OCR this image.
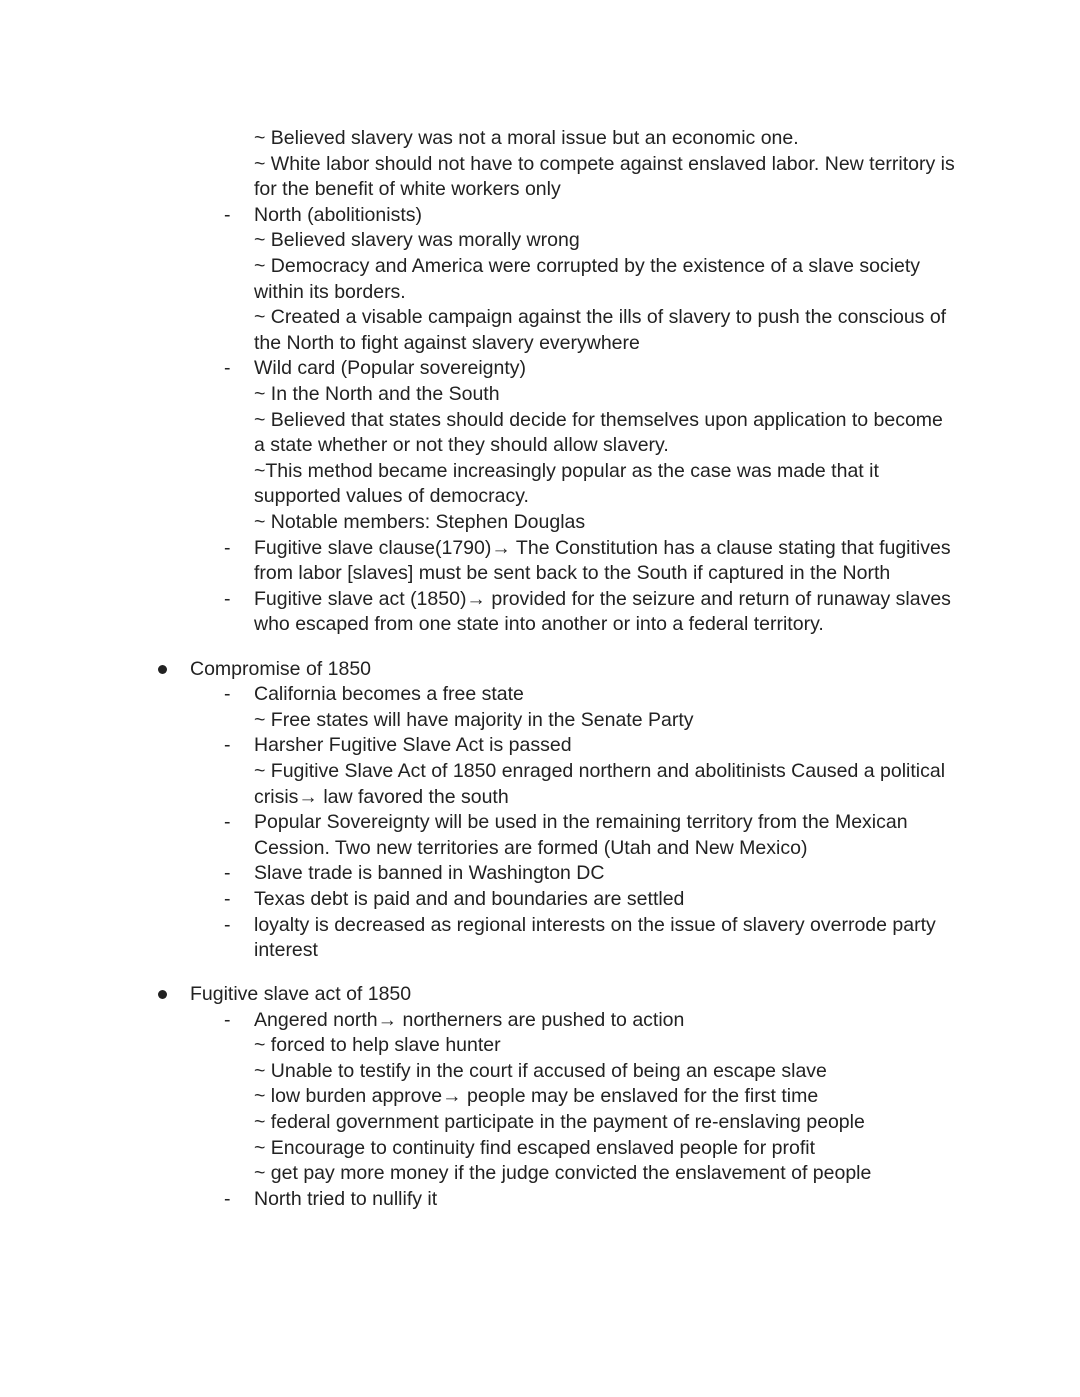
~ Believed slavery was not a moral issue but an economic one.
~ White labor should not have to compete against enslaved labor. New territory is
for the benefit of white workers only
- North (abolitionists)
~ Believed slavery was morally wrong
~ Democracy and America were corrupted by the existence of a slave society
within its borders.
~ Created a visable campaign against the ills of slavery to push the conscious of
the North to fight against slavery everywhere
- Wild card (Popular sovereignty)
~ In the North and the South
~ Believed that states should decide for themselves upon application to become
a state whether or not they should allow slavery.
~This method became increasingly popular as the case was made that it
supported values of democracy.
~ Notable members: Stephen Douglas
- Fugitive slave clause(1790)→ The Constitution has a clause stating that fugitives
from labor [slaves] must be sent back to the South if captured in the North
- Fugitive slave act (1850)→ provided for the seizure and return of runaway slaves
who escaped from one state into another or into a federal territory.
Compromise of 1850
- California becomes a free state
~ Free states will have majority in the Senate Party
- Harsher Fugitive Slave Act is passed
~ Fugitive Slave Act of 1850 enraged northern and abolitinists Caused a political
crisis→ law favored the south
- Popular Sovereignty will be used in the remaining territory from the Mexican
Cession. Two new territories are formed (Utah and New Mexico)
- Slave trade is banned in Washington DC
- Texas debt is paid and and boundaries are settled
- loyalty is decreased as regional interests on the issue of slavery overrode party
interest
Fugitive slave act of 1850
- Angered north→ northerners are pushed to action
~ forced to help slave hunter
~ Unable to testify in the court if accused of being an escape slave
~ low burden approve→ people may be enslaved for the first time
~ federal government participate in the payment of re-enslaving people
~ Encourage to continuity find escaped enslaved people for profit
~ get pay more money if the judge convicted the enslavement of people
- North tried to nullify it
